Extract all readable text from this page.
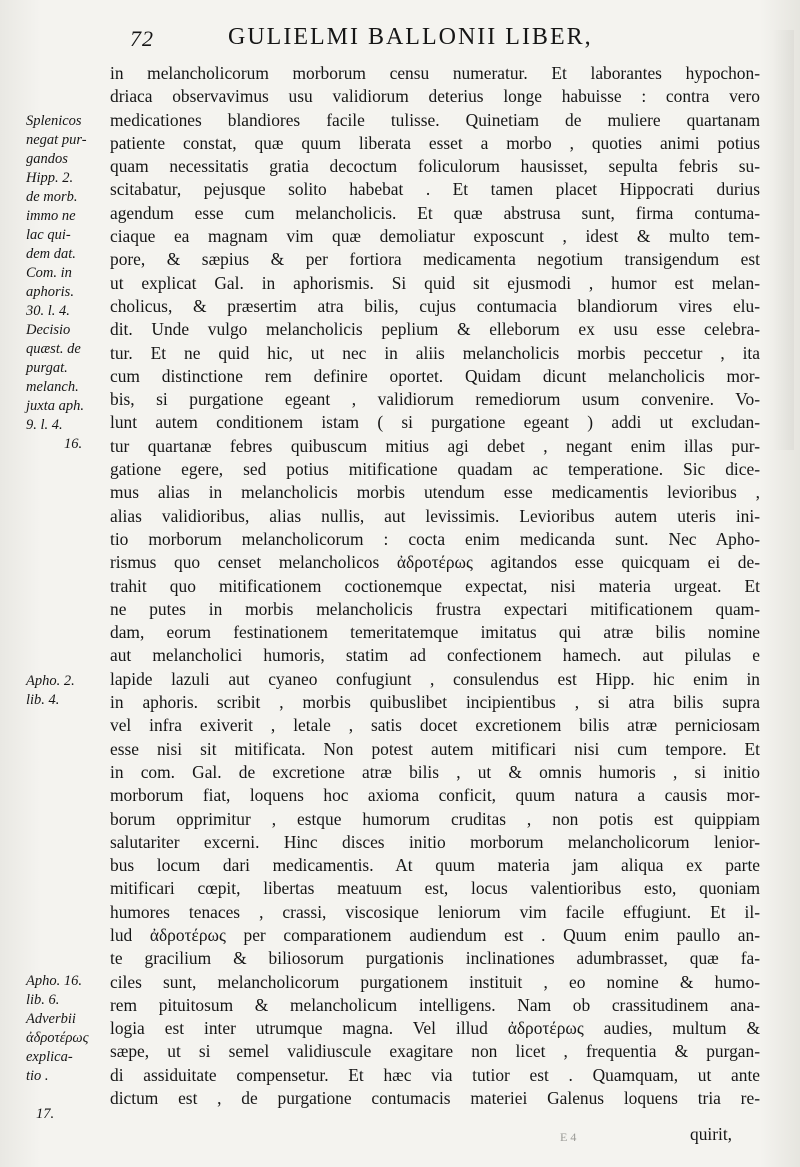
72	GULIELMI BALLONII LIBER,
Splenicos
negat pur-
gandos
Hipp. 2.
de morb.
immo ne
lac qui-
dem dat.
Com. in
aphoris.
30. l. 4.
Decisio
quæst. de
purgat.
melanch.
juxta aph.
9. l. 4.
16.
Apho. 2.
lib. 4.
Apho. 16.
lib. 6.
Adverbii
ἀδροτέρως
explica-
tio .
17.
in melancholicorum morborum censu numeratur. Et laborantes hypochon-
driaca observavimus usu validiorum deterius longe habuisse : contra vero
medicationes blandiores facile tulisse. Quinetiam de muliere quartanam
patiente constat, quæ quum liberata esset a morbo , quoties animi potius
quam necessitatis gratia decoctum foliculorum hausisset, sepulta febris su-
scitabatur, pejusque solito habebat . Et tamen placet Hippocrati durius
agendum esse cum melancholicis. Et quæ abstrusa sunt, firma contuma-
ciaque ea magnam vim quæ demoliatur exposcunt , idest & multo tem-
pore, & sæpius & per fortiora medicamenta negotium transigendum est
ut explicat Gal. in aphorismis. Si quid sit ejusmodi , humor est melan-
cholicus, & præsertim atra bilis, cujus contumacia blandiorum vires elu-
dit. Unde vulgo melancholicis peplium & elleborum ex usu esse celebra-
tur. Et ne quid hic, ut nec in aliis melancholicis morbis peccetur , ita
cum distinctione rem definire oportet. Quidam dicunt melancholicis mor-
bis, si purgatione egeant , validiorum remediorum usum convenire. Vo-
lunt autem conditionem istam ( si purgatione egeant ) addi ut excludan-
tur quartanæ febres quibuscum mitius agi debet , negant enim illas pur-
gatione egere, sed potius mitificatione quadam ac temperatione. Sic dice-
mus alias in melancholicis morbis utendum esse medicamentis levioribus ,
alias validioribus, alias nullis, aut levissimis. Levioribus autem uteris ini-
tio morborum melancholicorum : cocta enim medicanda sunt. Nec Apho-
rismus quo censet melancholicos ἀδροτέρως agitandos esse quicquam ei de-
trahit quo mitificationem coctionemque expectat, nisi materia urgeat. Et
ne putes in morbis melancholicis frustra expectari mitificationem quam-
dam, eorum festinationem temeritatemque imitatus qui atræ bilis nomine
aut melancholici humoris, statim ad confectionem hamech. aut pilulas e
lapide lazuli aut cyaneo confugiunt , consulendus est Hipp. hic enim in
in aphoris. scribit , morbis quibuslibet incipientibus , si atra bilis supra
vel infra exiverit , letale , satis docet excretionem bilis atræ perniciosam
esse nisi sit mitificata. Non potest autem mitificari nisi cum tempore. Et
in com. Gal. de excretione atræ bilis , ut & omnis humoris , si initio
morborum fiat, loquens hoc axioma conficit, quum natura a causis mor-
borum opprimitur , estque humorum cruditas , non potis est quippiam
salutariter excerni. Hinc disces initio morborum melancholicorum lenior-
bus locum dari medicamentis. At quum materia jam aliqua ex parte
mitificari cœpit, libertas meatuum est, locus valentioribus esto, quoniam
humores tenaces , crassi, viscosique leniorum vim facile effugiunt. Et il-
lud ἀδροτέρως per comparationem audiendum est . Quum enim paullo an-
te gracilium & biliosorum purgationis inclinationes adumbrasset, quæ fa-
ciles sunt, melancholicorum purgationem instituit , eo nomine & humo-
rem pituitosum & melancholicum intelligens. Nam ob crassitudinem ana-
logia est inter utrumque magna. Vel illud ἀδροτέρως audies, multum &
sæpe, ut si semel validiuscule exagitare non licet , frequentia & purgan-
di assiduitate compensetur. Et hæc via tutior est . Quamquam, ut ante
dictum est , de purgatione contumacis materiei Galenus loquens tria re-
quirit,
E 4
